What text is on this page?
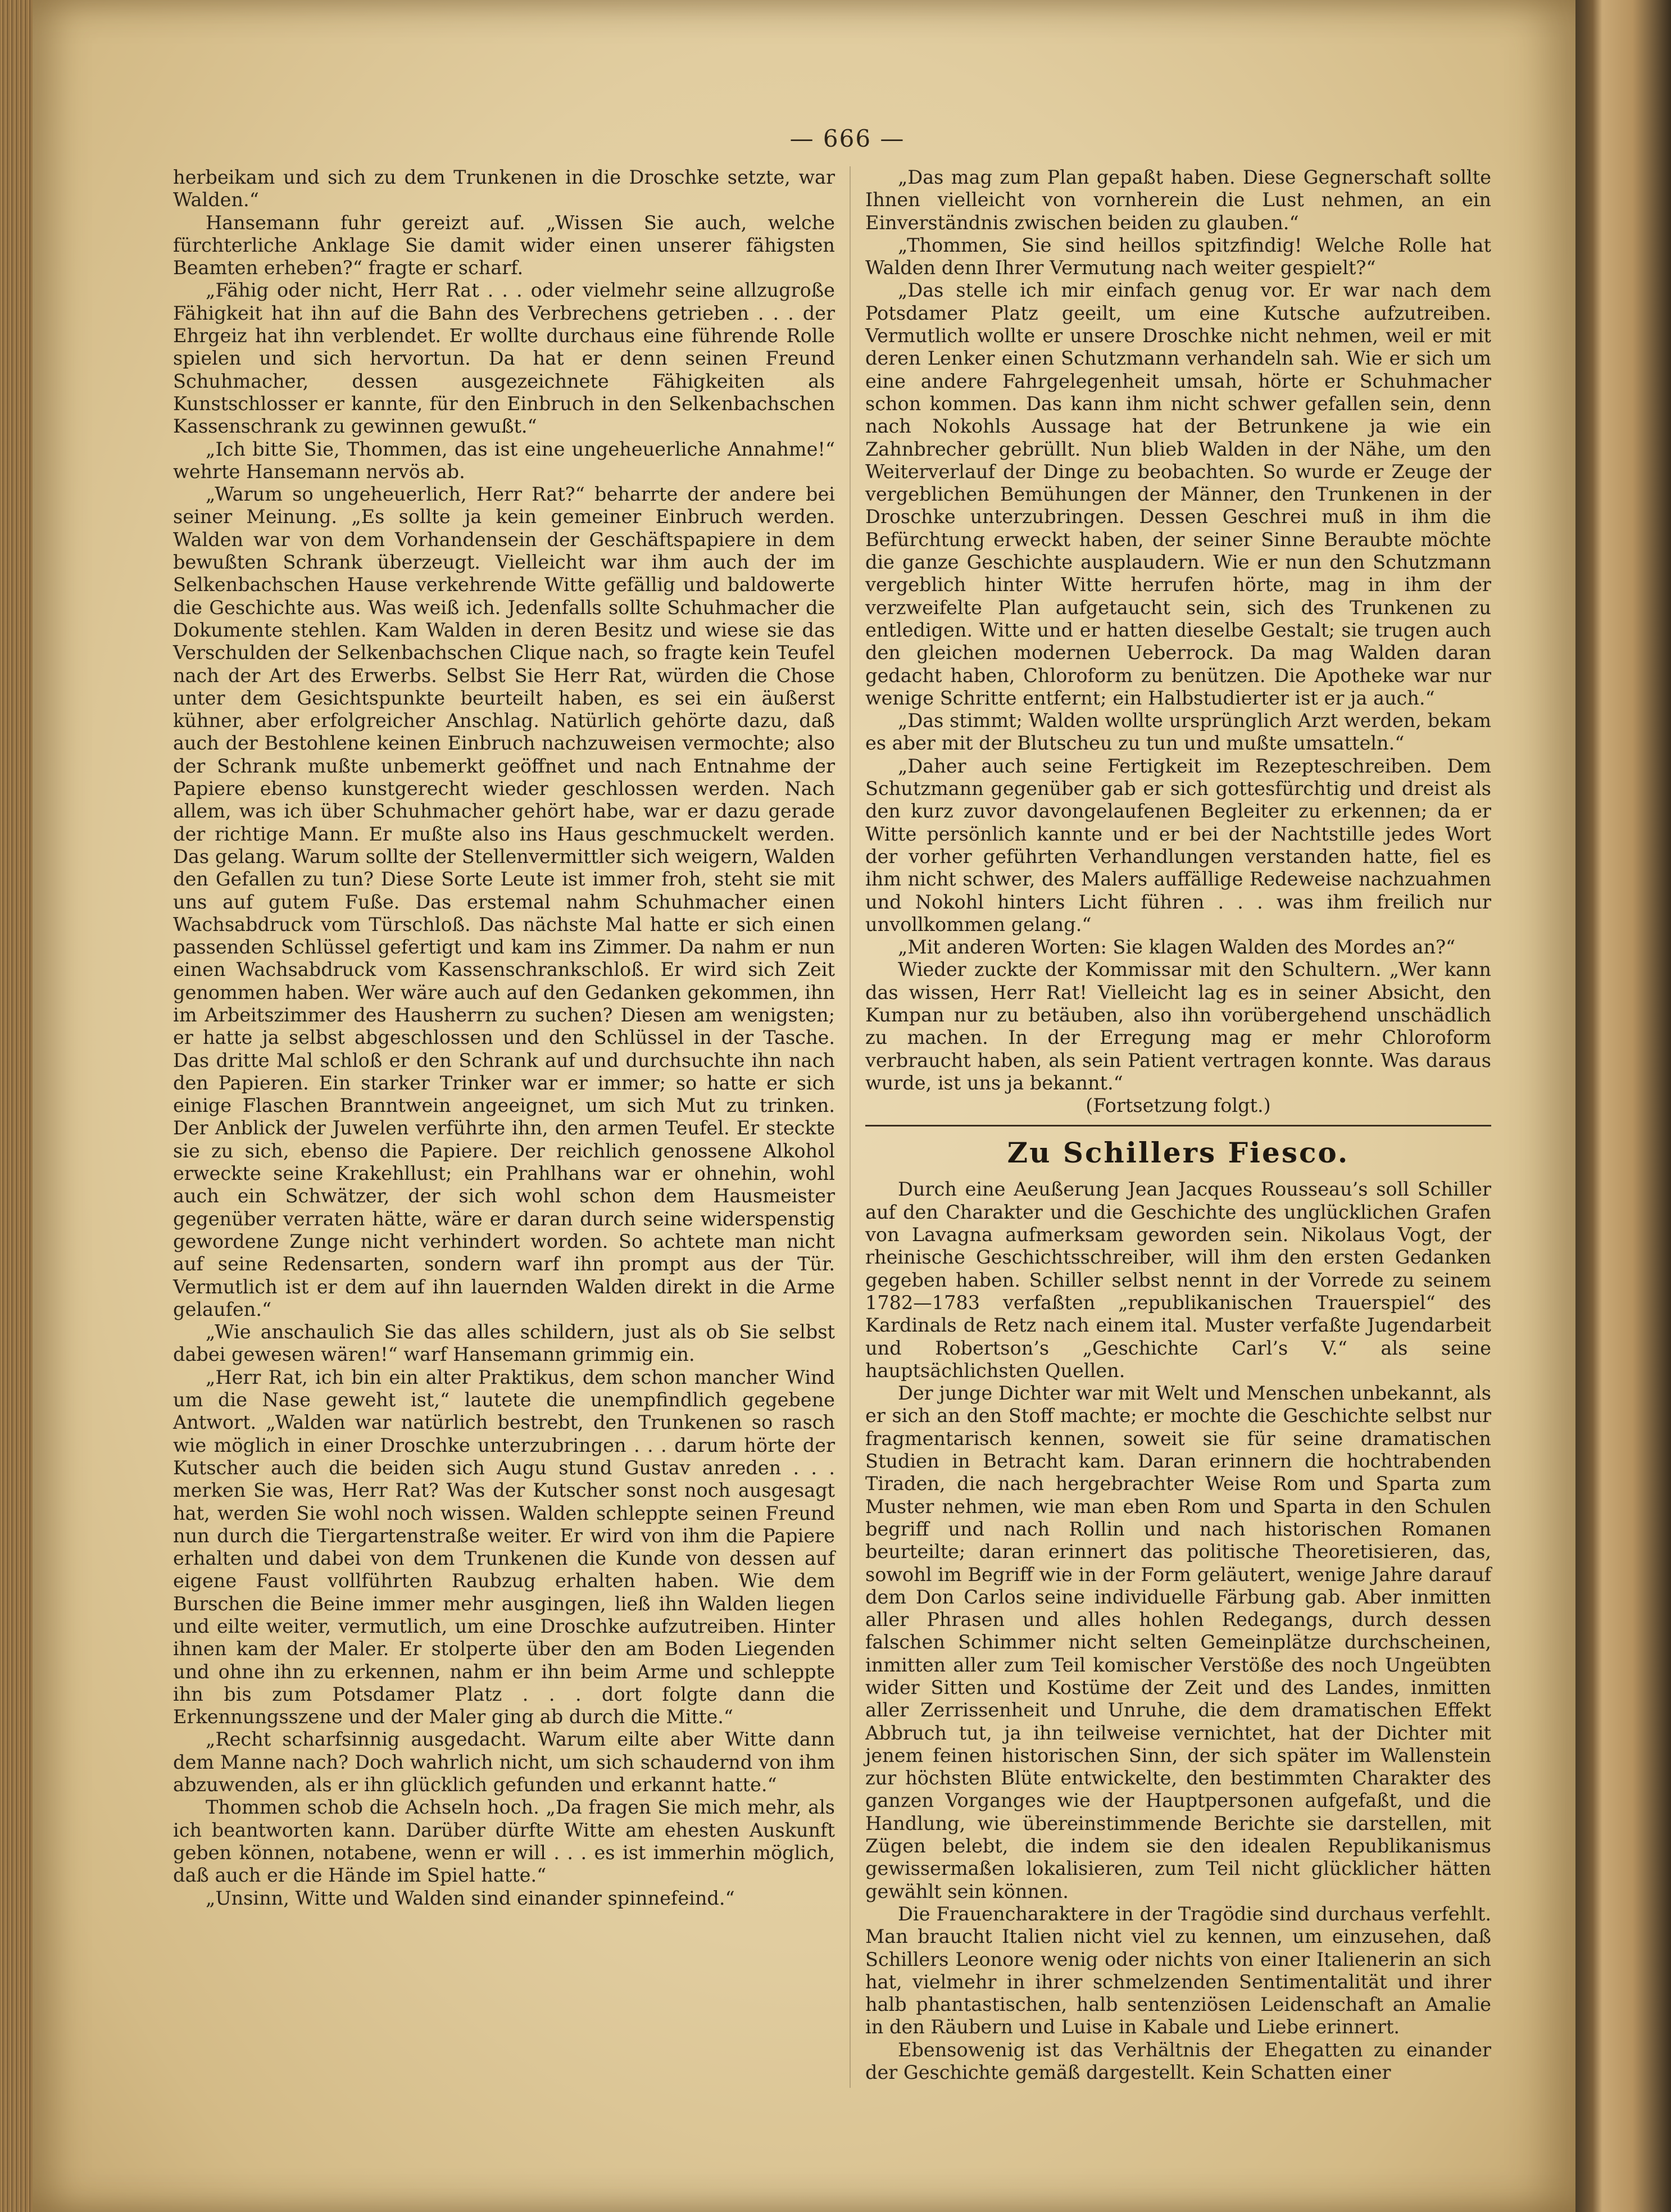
— 666 —

herbeikam und sich zu dem Trunkenen in die Droschke setzte, war Walden.“

Hansemann fuhr gereizt auf. „Wissen Sie auch, welche fürchterliche Anklage Sie damit wider einen unserer fähigsten Beamten erheben?“ fragte er scharf.

„Fähig oder nicht, Herr Rat . . . oder vielmehr seine allzugroße Fähigkeit hat ihn auf die Bahn des Verbrechens getrieben . . . der Ehrgeiz hat ihn verblendet. Er wollte durchaus eine führende Rolle spielen und sich hervortun. Da hat er denn seinen Freund Schuhmacher, dessen ausgezeichnete Fähigkeiten als Kunstschlosser er kannte, für den Einbruch in den Selkenbachschen Kassenschrank zu gewinnen gewußt.“

„Ich bitte Sie, Thommen, das ist eine ungeheuerliche Annahme!“ wehrte Hansemann nervös ab.

„Warum so ungeheuerlich, Herr Rat?“ beharrte der andere bei seiner Meinung. „Es sollte ja kein gemeiner Einbruch werden. Walden war von dem Vorhandensein der Geschäftspapiere in dem bewußten Schrank überzeugt. Vielleicht war ihm auch der im Selkenbachschen Hause verkehrende Witte gefällig und baldowerte die Geschichte aus. Was weiß ich. Jedenfalls sollte Schuhmacher die Dokumente stehlen. Kam Walden in deren Besitz und wiese sie das Verschulden der Selkenbachschen Clique nach, so fragte kein Teufel nach der Art des Erwerbs. Selbst Sie Herr Rat, würden die Chose unter dem Gesichtspunkte beurteilt haben, es sei ein äußerst kühner, aber erfolgreicher Anschlag. Natürlich gehörte dazu, daß auch der Bestohlene keinen Einbruch nachzuweisen vermochte; also der Schrank mußte unbemerkt geöffnet und nach Entnahme der Papiere ebenso kunstgerecht wieder geschlossen werden. Nach allem, was ich über Schuhmacher gehört habe, war er dazu gerade der richtige Mann. Er mußte also ins Haus geschmuckelt werden. Das gelang. Warum sollte der Stellenvermittler sich weigern, Walden den Gefallen zu tun? Diese Sorte Leute ist immer froh, steht sie mit uns auf gutem Fuße. Das erstemal nahm Schuhmacher einen Wachsabdruck vom Türschloß. Das nächste Mal hatte er sich einen passenden Schlüssel gefertigt und kam ins Zimmer. Da nahm er nun einen Wachsabdruck vom Kassenschrankschloß. Er wird sich Zeit genommen haben. Wer wäre auch auf den Gedanken gekommen, ihn im Arbeitszimmer des Hausherrn zu suchen? Diesen am wenigsten; er hatte ja selbst abgeschlossen und den Schlüssel in der Tasche. Das dritte Mal schloß er den Schrank auf und durchsuchte ihn nach den Papieren. Ein starker Trinker war er immer; so hatte er sich einige Flaschen Branntwein angeeignet, um sich Mut zu trinken. Der Anblick der Juwelen verführte ihn, den armen Teufel. Er steckte sie zu sich, ebenso die Papiere. Der reichlich genossene Alkohol erweckte seine Krakehllust; ein Prahlhans war er ohnehin, wohl auch ein Schwätzer, der sich wohl schon dem Hausmeister gegenüber verraten hätte, wäre er daran durch seine widerspenstig gewordene Zunge nicht verhindert worden. So achtete man nicht auf seine Redensarten, sondern warf ihn prompt aus der Tür. Vermutlich ist er dem auf ihn lauernden Walden direkt in die Arme gelaufen.“

„Wie anschaulich Sie das alles schildern, just als ob Sie selbst dabei gewesen wären!“ warf Hansemann grimmig ein.

„Herr Rat, ich bin ein alter Praktikus, dem schon mancher Wind um die Nase geweht ist,“ lautete die unempfindlich gegebene Antwort. „Walden war natürlich bestrebt, den Trunkenen so rasch wie möglich in einer Droschke unterzubringen . . . darum hörte der Kutscher auch die beiden sich Augu stund Gustav anreden . . . merken Sie was, Herr Rat? Was der Kutscher sonst noch ausgesagt hat, werden Sie wohl noch wissen. Walden schleppte seinen Freund nun durch die Tiergartenstraße weiter. Er wird von ihm die Papiere erhalten und dabei von dem Trunkenen die Kunde von dessen auf eigene Faust vollführten Raubzug erhalten haben. Wie dem Burschen die Beine immer mehr ausgingen, ließ ihn Walden liegen und eilte weiter, vermutlich, um eine Droschke aufzutreiben. Hinter ihnen kam der Maler. Er stolperte über den am Boden Liegenden und ohne ihn zu erkennen, nahm er ihn beim Arme und schleppte ihn bis zum Potsdamer Platz . . . dort folgte dann die Erkennungsszene und der Maler ging ab durch die Mitte.“

„Recht scharfsinnig ausgedacht. Warum eilte aber Witte dann dem Manne nach? Doch wahrlich nicht, um sich schaudernd von ihm abzuwenden, als er ihn glücklich gefunden und erkannt hatte.“

Thommen schob die Achseln hoch. „Da fragen Sie mich mehr, als ich beantworten kann. Darüber dürfte Witte am ehesten Auskunft geben können, notabene, wenn er will . . . es ist immerhin möglich, daß auch er die Hände im Spiel hatte.“

„Unsinn, Witte und Walden sind einander spinnefeind.“

„Das mag zum Plan gepaßt haben. Diese Gegnerschaft sollte Ihnen vielleicht von vornherein die Lust nehmen, an ein Einverständnis zwischen beiden zu glauben.“

„Thommen, Sie sind heillos spitzfindig! Welche Rolle hat Walden denn Ihrer Vermutung nach weiter gespielt?“

„Das stelle ich mir einfach genug vor. Er war nach dem Potsdamer Platz geeilt, um eine Kutsche aufzutreiben. Vermutlich wollte er unsere Droschke nicht nehmen, weil er mit deren Lenker einen Schutzmann verhandeln sah. Wie er sich um eine andere Fahrgelegenheit umsah, hörte er Schuhmacher schon kommen. Das kann ihm nicht schwer gefallen sein, denn nach Nokohls Aussage hat der Betrunkene ja wie ein Zahnbrecher gebrüllt. Nun blieb Walden in der Nähe, um den Weiterverlauf der Dinge zu beobachten. So wurde er Zeuge der vergeblichen Bemühungen der Männer, den Trunkenen in der Droschke unterzubringen. Dessen Geschrei muß in ihm die Befürchtung erweckt haben, der seiner Sinne Beraubte möchte die ganze Geschichte ausplaudern. Wie er nun den Schutzmann vergeblich hinter Witte herrufen hörte, mag in ihm der verzweifelte Plan aufgetaucht sein, sich des Trunkenen zu entledigen. Witte und er hatten dieselbe Gestalt; sie trugen auch den gleichen modernen Ueberrock. Da mag Walden daran gedacht haben, Chloroform zu benützen. Die Apotheke war nur wenige Schritte entfernt; ein Halbstudierter ist er ja auch.“

„Das stimmt; Walden wollte ursprünglich Arzt werden, bekam es aber mit der Blutscheu zu tun und mußte umsatteln.“

„Daher auch seine Fertigkeit im Rezepteschreiben. Dem Schutzmann gegenüber gab er sich gottesfürchtig und dreist als den kurz zuvor davongelaufenen Begleiter zu erkennen; da er Witte persönlich kannte und er bei der Nachtstille jedes Wort der vorher geführten Verhandlungen verstanden hatte, fiel es ihm nicht schwer, des Malers auffällige Redeweise nachzuahmen und Nokohl hinters Licht führen . . . was ihm freilich nur unvollkommen gelang.“

„Mit anderen Worten: Sie klagen Walden des Mordes an?“

Wieder zuckte der Kommissar mit den Schultern. „Wer kann das wissen, Herr Rat! Vielleicht lag es in seiner Absicht, den Kumpan nur zu betäuben, also ihn vorübergehend unschädlich zu machen. In der Erregung mag er mehr Chloroform verbraucht haben, als sein Patient vertragen konnte. Was daraus wurde, ist uns ja bekannt.“

(Fortsetzung folgt.)

Zu Schillers Fiesco.

Durch eine Aeußerung Jean Jacques Rousseau’s soll Schiller auf den Charakter und die Geschichte des unglücklichen Grafen von Lavagna aufmerksam geworden sein. Nikolaus Vogt, der rheinische Geschichtsschreiber, will ihm den ersten Gedanken gegeben haben. Schiller selbst nennt in der Vorrede zu seinem 1782—1783 verfaßten „republikanischen Trauerspiel“ des Kardinals de Retz nach einem ital. Muster verfaßte Jugendarbeit und Robertson’s „Geschichte Carl’s V.“ als seine hauptsächlichsten Quellen.

Der junge Dichter war mit Welt und Menschen unbekannt, als er sich an den Stoff machte; er mochte die Geschichte selbst nur fragmentarisch kennen, soweit sie für seine dramatischen Studien in Betracht kam. Daran erinnern die hochtrabenden Tiraden, die nach hergebrachter Weise Rom und Sparta zum Muster nehmen, wie man eben Rom und Sparta in den Schulen begriff und nach Rollin und nach historischen Romanen beurteilte; daran erinnert das politische Theoretisieren, das, sowohl im Begriff wie in der Form geläutert, wenige Jahre darauf dem Don Carlos seine individuelle Färbung gab. Aber inmitten aller Phrasen und alles hohlen Redegangs, durch dessen falschen Schimmer nicht selten Gemeinplätze durchscheinen, inmitten aller zum Teil komischer Verstöße des noch Ungeübten wider Sitten und Kostüme der Zeit und des Landes, inmitten aller Zerrissenheit und Unruhe, die dem dramatischen Effekt Abbruch tut, ja ihn teilweise vernichtet, hat der Dichter mit jenem feinen historischen Sinn, der sich später im Wallenstein zur höchsten Blüte entwickelte, den bestimmten Charakter des ganzen Vorganges wie der Hauptpersonen aufgefaßt, und die Handlung, wie übereinstimmende Berichte sie darstellen, mit Zügen belebt, die indem sie den idealen Republikanismus gewissermaßen lokalisieren, zum Teil nicht glücklicher hätten gewählt sein können.

Die Frauencharaktere in der Tragödie sind durchaus verfehlt. Man braucht Italien nicht viel zu kennen, um einzusehen, daß Schillers Leonore wenig oder nichts von einer Italienerin an sich hat, vielmehr in ihrer schmelzenden Sentimentalität und ihrer halb phantastischen, halb sentenziösen Leidenschaft an Amalie in den Räubern und Luise in Kabale und Liebe erinnert.

Ebensowenig ist das Verhältnis der Ehegatten zu einander der Geschichte gemäß dargestellt. Kein Schatten einer
